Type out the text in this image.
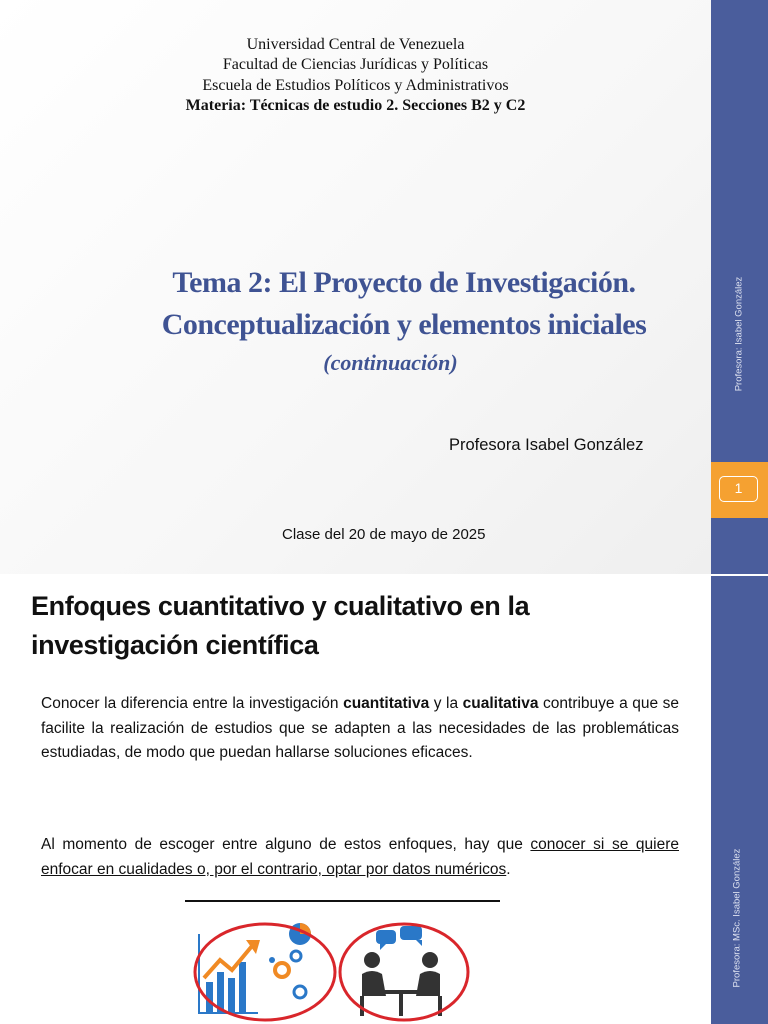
Universidad Central de Venezuela
Facultad de Ciencias Jurídicas y Políticas
Escuela de Estudios Políticos y Administrativos
Materia: Técnicas de estudio 2. Secciones B2 y C2
Tema 2: El Proyecto de Investigación.
Conceptualización y elementos iniciales
(continuación)
Profesora Isabel González
Clase del 20 de mayo de 2025
Profesora: Isabel González
1
Enfoques cuantitativo y cualitativo en la investigación científica
Conocer la diferencia entre la investigación cuantitativa y la cualitativa contribuye a que se facilite la realización de estudios que se adapten a las necesidades de las problemáticas estudiadas, de modo que puedan hallarse soluciones eficaces.
Al momento de escoger entre alguno de estos enfoques, hay que conocer si se quiere enfocar en cualidades o, por el contrario, optar por datos numéricos.	Profesora: MSc. Isabel González
